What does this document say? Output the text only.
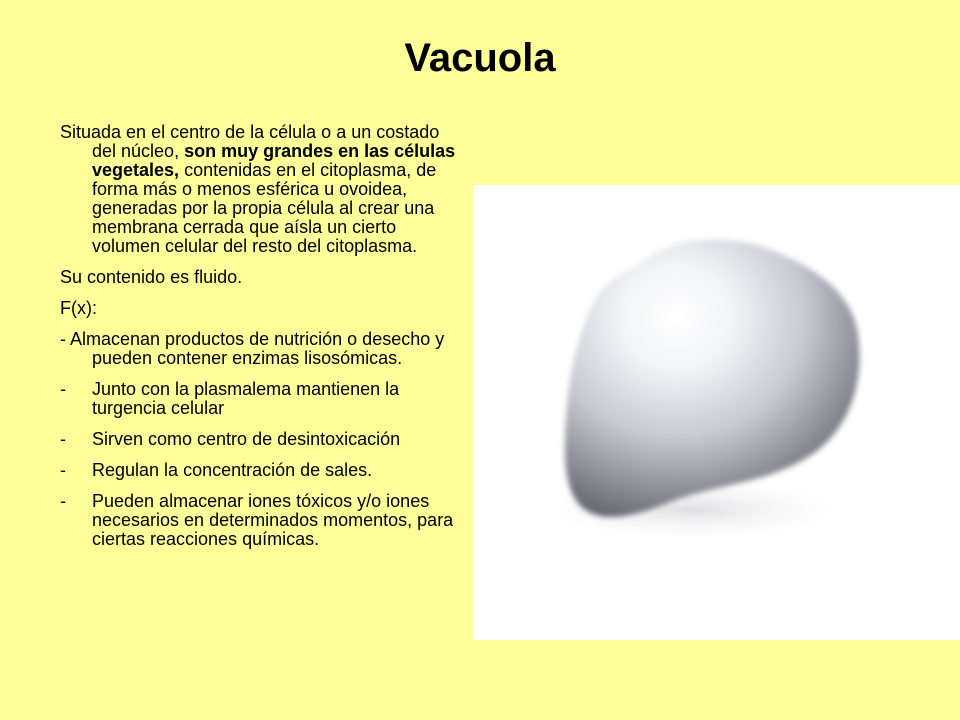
Vacuola

Situada en el centro de la célula o a un costado del núcleo, son muy grandes en las células vegetales, contenidas en el citoplasma, de forma más o menos esférica u ovoidea, generadas por la propia célula al crear una membrana cerrada que aísla un cierto volumen celular del resto del citoplasma.

Su contenido es fluido.

F(x):

- Almacenan productos de nutrición o desecho y pueden contener enzimas lisosómicas.

-	Junto con la plasmalema mantienen la turgencia celular
-	Sirven como centro de desintoxicación
-	Regulan la concentración de sales.
-	Pueden almacenar iones tóxicos y/o iones necesarios en determinados momentos, para ciertas reacciones químicas.
